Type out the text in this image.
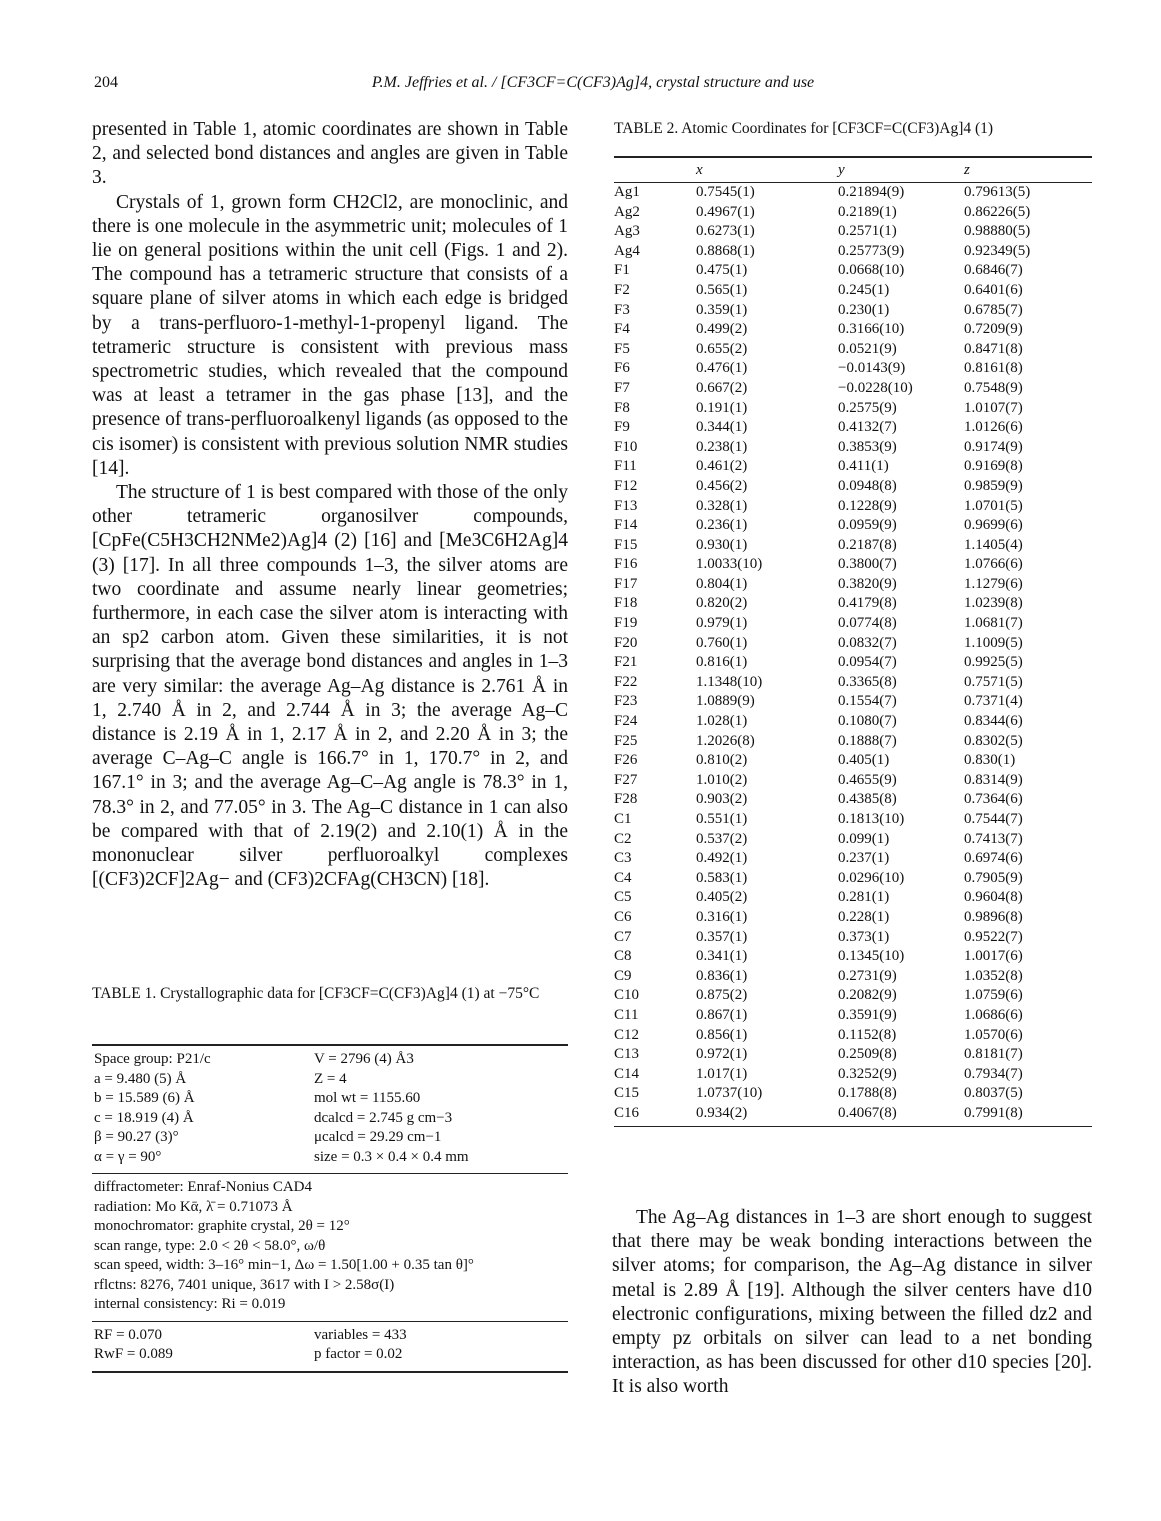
204	P.M. Jeffries et al. / [CF3CF=C(CF3)Ag]4, crystal structure and use

presented in Table 1, atomic coordinates are shown in Table 2, and selected bond distances and angles are given in Table 3.

Crystals of 1, grown form CH2Cl2, are monoclinic, and there is one molecule in the asymmetric unit; molecules of 1 lie on general positions within the unit cell (Figs. 1 and 2). The compound has a tetrameric structure that consists of a square plane of silver atoms in which each edge is bridged by a trans-perfluoro-1-methyl-1-propenyl ligand. The tetrameric structure is consistent with previous mass spectrometric studies, which revealed that the compound was at least a tetramer in the gas phase [13], and the presence of trans-perfluoroalkenyl ligands (as opposed to the cis isomer) is consistent with previous solution NMR studies [14].

The structure of 1 is best compared with those of the only other tetrameric organosilver compounds, [CpFe(C5H3CH2NMe2)Ag]4 (2) [16] and [Me3C6H2Ag]4 (3) [17]. In all three compounds 1–3, the silver atoms are two coordinate and assume nearly linear geometries; furthermore, in each case the silver atom is interacting with an sp2 carbon atom. Given these similarities, it is not surprising that the average bond distances and angles in 1–3 are very similar: the average Ag–Ag distance is 2.761 Å in 1, 2.740 Å in 2, and 2.744 Å in 3; the average Ag–C distance is 2.19 Å in 1, 2.17 Å in 2, and 2.20 Å in 3; the average C–Ag–C angle is 166.7° in 1, 170.7° in 2, and 167.1° in 3; and the average Ag–C–Ag angle is 78.3° in 1, 78.3° in 2, and 77.05° in 3. The Ag–C distance in 1 can also be compared with that of 2.19(2) and 2.10(1) Å in the mononuclear silver perfluoroalkyl complexes [(CF3)2CF]2Ag− and (CF3)2CFAg(CH3CN) [18].

TABLE 1. Crystallographic data for [CF3CF=C(CF3)Ag]4 (1) at −75°C
Space group: P21/c	V = 2796 (4) Å3
a = 9.480 (5) Å	Z = 4
b = 15.589 (6) Å	mol wt = 1155.60
c = 18.919 (4) Å	dcalcd = 2.745 g cm−3
β = 90.27 (3)°	μcalcd = 29.29 cm−1
α = γ = 90°	size = 0.3 × 0.4 × 0.4 mm
diffractometer: Enraf-Nonius CAD4
radiation: Mo Kᾱ, λ̄ = 0.71073 Å
monochromator: graphite crystal, 2θ = 12°
scan range, type: 2.0 < 2θ < 58.0°, ω/θ
scan speed, width: 3–16° min−1, Δω = 1.50[1.00 + 0.35 tan θ]°
rflctns: 8276, 7401 unique, 3617 with I > 2.58σ(I)
internal consistency: Ri = 0.019
RF = 0.070	variables = 433
RwF = 0.089	p factor = 0.02
TABLE 2. Atomic Coordinates for [CF3CF=C(CF3)Ag]4 (1)
x	y	z
Ag1	0.7545(1)	0.21894(9)	0.79613(5)
Ag2	0.4967(1)	0.2189(1)	0.86226(5)
Ag3	0.6273(1)	0.2571(1)	0.98880(5)
Ag4	0.8868(1)	0.25773(9)	0.92349(5)
F1	0.475(1)	0.0668(10)	0.6846(7)
F2	0.565(1)	0.245(1)	0.6401(6)
F3	0.359(1)	0.230(1)	0.6785(7)
F4	0.499(2)	0.3166(10)	0.7209(9)
F5	0.655(2)	0.0521(9)	0.8471(8)
F6	0.476(1)	−0.0143(9)	0.8161(8)
F7	0.667(2)	−0.0228(10)	0.7548(9)
F8	0.191(1)	0.2575(9)	1.0107(7)
F9	0.344(1)	0.4132(7)	1.0126(6)
F10	0.238(1)	0.3853(9)	0.9174(9)
F11	0.461(2)	0.411(1)	0.9169(8)
F12	0.456(2)	0.0948(8)	0.9859(9)
F13	0.328(1)	0.1228(9)	1.0701(5)
F14	0.236(1)	0.0959(9)	0.9699(6)
F15	0.930(1)	0.2187(8)	1.1405(4)
F16	1.0033(10)	0.3800(7)	1.0766(6)
F17	0.804(1)	0.3820(9)	1.1279(6)
F18	0.820(2)	0.4179(8)	1.0239(8)
F19	0.979(1)	0.0774(8)	1.0681(7)
F20	0.760(1)	0.0832(7)	1.1009(5)
F21	0.816(1)	0.0954(7)	0.9925(5)
F22	1.1348(10)	0.3365(8)	0.7571(5)
F23	1.0889(9)	0.1554(7)	0.7371(4)
F24	1.028(1)	0.1080(7)	0.8344(6)
F25	1.2026(8)	0.1888(7)	0.8302(5)
F26	0.810(2)	0.405(1)	0.830(1)
F27	1.010(2)	0.4655(9)	0.8314(9)
F28	0.903(2)	0.4385(8)	0.7364(6)
C1	0.551(1)	0.1813(10)	0.7544(7)
C2	0.537(2)	0.099(1)	0.7413(7)
C3	0.492(1)	0.237(1)	0.6974(6)
C4	0.583(1)	0.0296(10)	0.7905(9)
C5	0.405(2)	0.281(1)	0.9604(8)
C6	0.316(1)	0.228(1)	0.9896(8)
C7	0.357(1)	0.373(1)	0.9522(7)
C8	0.341(1)	0.1345(10)	1.0017(6)
C9	0.836(1)	0.2731(9)	1.0352(8)
C10	0.875(2)	0.2082(9)	1.0759(6)
C11	0.867(1)	0.3591(9)	1.0686(6)
C12	0.856(1)	0.1152(8)	1.0570(6)
C13	0.972(1)	0.2509(8)	0.8181(7)
C14	1.017(1)	0.3252(9)	0.7934(7)
C15	1.0737(10)	0.1788(8)	0.8037(5)
C16	0.934(2)	0.4067(8)	0.7991(8)

The Ag–Ag distances in 1–3 are short enough to suggest that there may be weak bonding interactions between the silver atoms; for comparison, the Ag–Ag distance in silver metal is 2.89 Å [19]. Although the silver centers have d10 electronic configurations, mixing between the filled dz2 and empty pz orbitals on silver can lead to a net bonding interaction, as has been discussed for other d10 species [20]. It is also worth
